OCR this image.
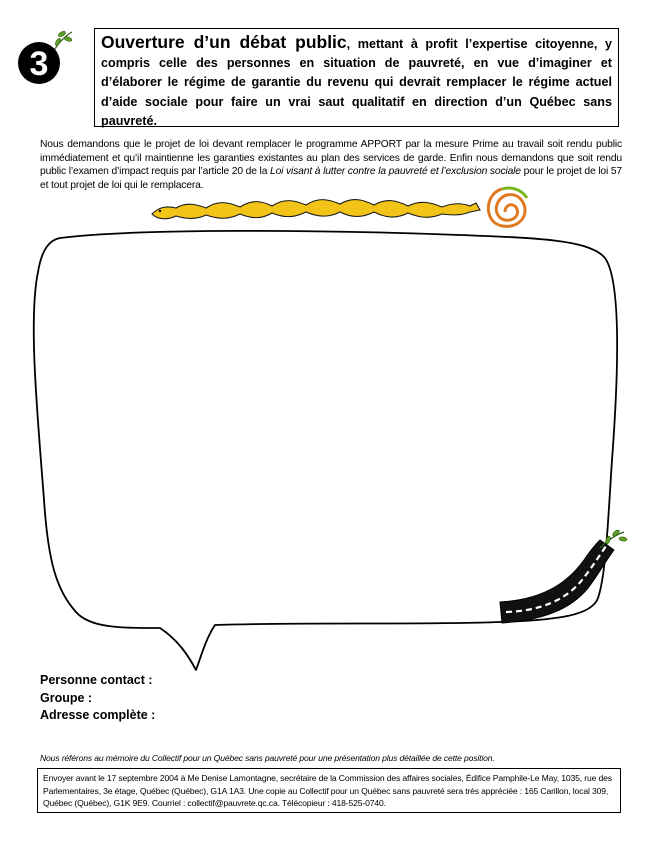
3
Ouverture d’un débat public, mettant à profit l’expertise citoyenne, y compris celle des personnes en situation de pauvreté, en vue d’imaginer et d’élaborer le régime de garantie du revenu qui devrait remplacer le régime actuel d’aide sociale pour faire un vrai saut qualitatif en direction d’un Québec sans pauvreté.
Nous demandons que le projet de loi devant remplacer le programme APPORT par la mesure Prime au travail soit rendu public immédiatement et qu’il maintienne les garanties existantes au plan des services de garde. Enfin nous demandons que soit rendu public l’examen d’impact requis par l’article 20 de la Loi visant à lutter contre la pauvreté et l’exclusion sociale pour le projet de loi 57 et tout projet de loi qui le remplacera.
Personne contact :
Groupe :
Adresse complète :
Nous référons au mémoire du Collectif pour un Québec sans pauvreté pour une présentation plus détaillée de cette position.
Envoyer avant le 17 septembre 2004 à Me Denise Lamontagne, secrétaire de la Commission des affaires sociales, Édifice Pamphile-Le May, 1035, rue des Parlementaires, 3e étage, Québec (Québec), G1A 1A3. Une copie au Collectif pour un Québec sans pauvreté sera très appréciée : 165 Carillon, local 309, Québec (Québec), G1K 9E9. Courriel : collectif@pauvrete.qc.ca. Télécopieur : 418-525-0740.
